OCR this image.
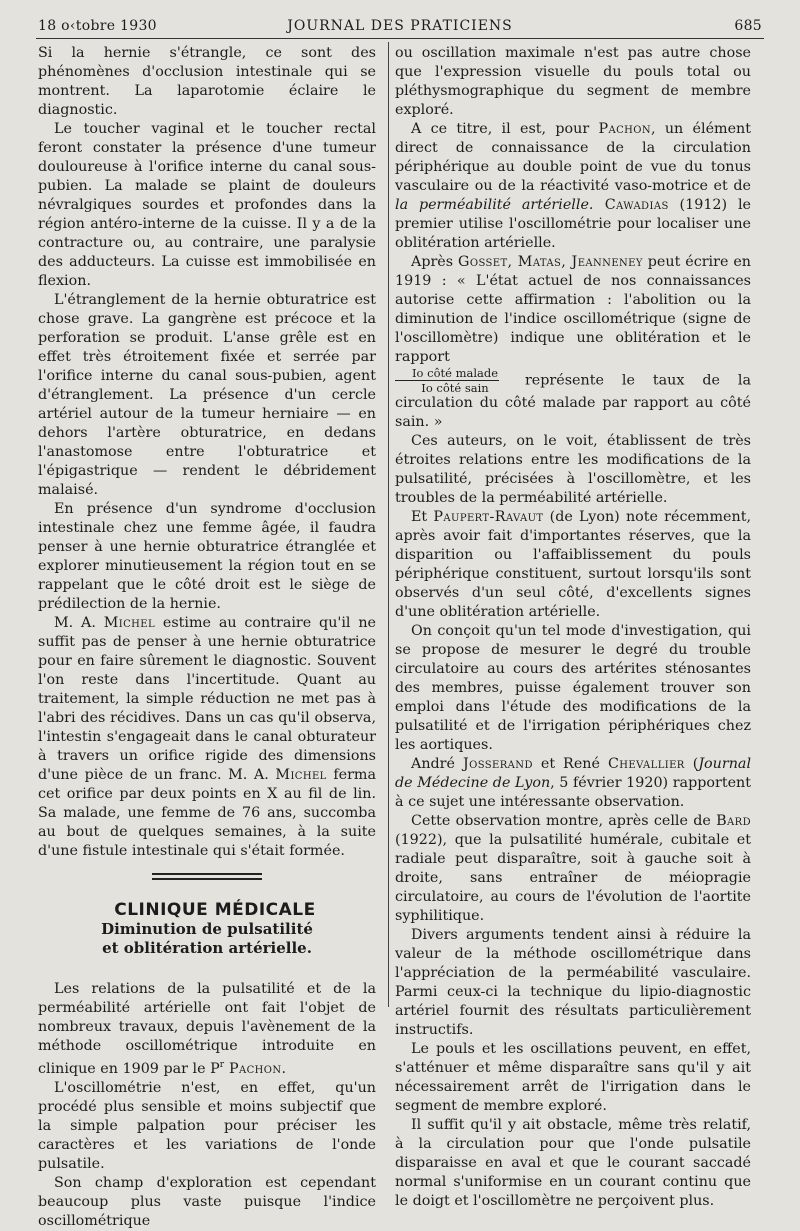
18 o‹tobre 1930	JOURNAL DES PRATICIENS	685

Si la hernie s'étrangle, ce sont des phénomènes d'occlusion intestinale qui se montrent. La laparotomie éclaire le diagnostic.

Le toucher vaginal et le toucher rectal feront constater la présence d'une tumeur douloureuse à l'orifice interne du canal sous-pubien. La malade se plaint de douleurs névralgiques sourdes et profondes dans la région antéro-interne de la cuisse. Il y a de la contracture ou, au contraire, une paralysie des adducteurs. La cuisse est immobilisée en flexion.

L'étranglement de la hernie obturatrice est chose grave. La gangrène est précoce et la perforation se produit. L'anse grêle est en effet très étroitement fixée et serrée par l'orifice interne du canal sous-pubien, agent d'étranglement. La présence d'un cercle artériel autour de la tumeur herniaire — en dehors l'artère obturatrice, en dedans l'anastomose entre l'obturatrice et l'épigastrique — rendent le débridement malaisé.

En présence d'un syndrome d'occlusion intestinale chez une femme âgée, il faudra penser à une hernie obturatrice étranglée et explorer minutieusement la région tout en se rappelant que le côté droit est le siège de prédilection de la hernie.

M. A. Michel estime au contraire qu'il ne suffit pas de penser à une hernie obturatrice pour en faire sûrement le diagnostic. Souvent l'on reste dans l'incertitude. Quant au traitement, la simple réduction ne met pas à l'abri des récidives. Dans un cas qu'il observa, l'intestin s'engageait dans le canal obturateur à travers un orifice rigide des dimensions d'une pièce de un franc. M. A. Michel ferma cet orifice par deux points en X au fil de lin. Sa malade, une femme de 76 ans, succomba au bout de quelques semaines, à la suite d'une fistule intestinale qui s'était formée.

CLINIQUE MÉDICALE

Diminution de pulsatilité
et oblitération artérielle.

Les relations de la pulsatilité et de la perméabilité artérielle ont fait l'objet de nombreux travaux, depuis l'avènement de la méthode oscillométrique introduite en clinique en 1909 par le $P^r$ Pachon.

L'oscillométrie n'est, en effet, qu'un procédé plus sensible et moins subjectif que la simple palpation pour préciser les caractères et les variations de l'onde pulsatile.

Son champ d'exploration est cependant beaucoup plus vaste puisque l'indice oscillométrique

ou oscillation maximale n'est pas autre chose que l'expression visuelle du pouls total ou pléthysmographique du segment de membre exploré.

A ce titre, il est, pour Pachon, un élément direct de connaissance de la circulation périphérique au double point de vue du tonus vasculaire ou de la réactivité vaso-motrice et de la perméabilité artérielle. Cawadias (1912) le premier utilise l'oscillométrie pour localiser une oblitération artérielle.

Après Gosset, Matas, Jeanneney peut écrire en 1919 : « L'état actuel de nos connaissances autorise cette affirmation : l'abolition ou la diminution de l'indice oscillométrique (signe de l'oscillomètre) indique une oblitération et le rapport

$\frac{\text{Io côté malade}}{\text{Io côté sain}}$ représente le taux de la circulation du côté malade par rapport au côté sain. »

Ces auteurs, on le voit, établissent de très étroites relations entre les modifications de la pulsatilité, précisées à l'oscillomètre, et les troubles de la perméabilité artérielle.

Et Paupert-Ravaut (de Lyon) note récemment, après avoir fait d'importantes réserves, que la disparition ou l'affaiblissement du pouls périphérique constituent, surtout lorsqu'ils sont observés d'un seul côté, d'excellents signes d'une oblitération artérielle.

On conçoit qu'un tel mode d'investigation, qui se propose de mesurer le degré du trouble circulatoire au cours des artérites sténosantes des membres, puisse également trouver son emploi dans l'étude des modifications de la pulsatilité et de l'irrigation périphériques chez les aortiques.

André Josserand et René Chevallier (Journal de Médecine de Lyon, 5 février 1920) rapportent à ce sujet une intéressante observation.

Cette observation montre, après celle de Bard (1922), que la pulsatilité humérale, cubitale et radiale peut disparaître, soit à gauche soit à droite, sans entraîner de méiopragie circulatoire, au cours de l'évolution de l'aortite syphilitique.

Divers arguments tendent ainsi à réduire la valeur de la méthode oscillométrique dans l'appréciation de la perméabilité vasculaire. Parmi ceux-ci la technique du lipio-diagnostic artériel fournit des résultats particulièrement instructifs.

Le pouls et les oscillations peuvent, en effet, s'atténuer et même disparaître sans qu'il y ait nécessairement arrêt de l'irrigation dans le segment de membre exploré.

Il suffit qu'il y ait obstacle, même très relatif, à la circulation pour que l'onde pulsatile disparaisse en aval et que le courant saccadé normal s'uniformise en un courant continu que le doigt et l'oscillomètre ne perçoivent plus.
